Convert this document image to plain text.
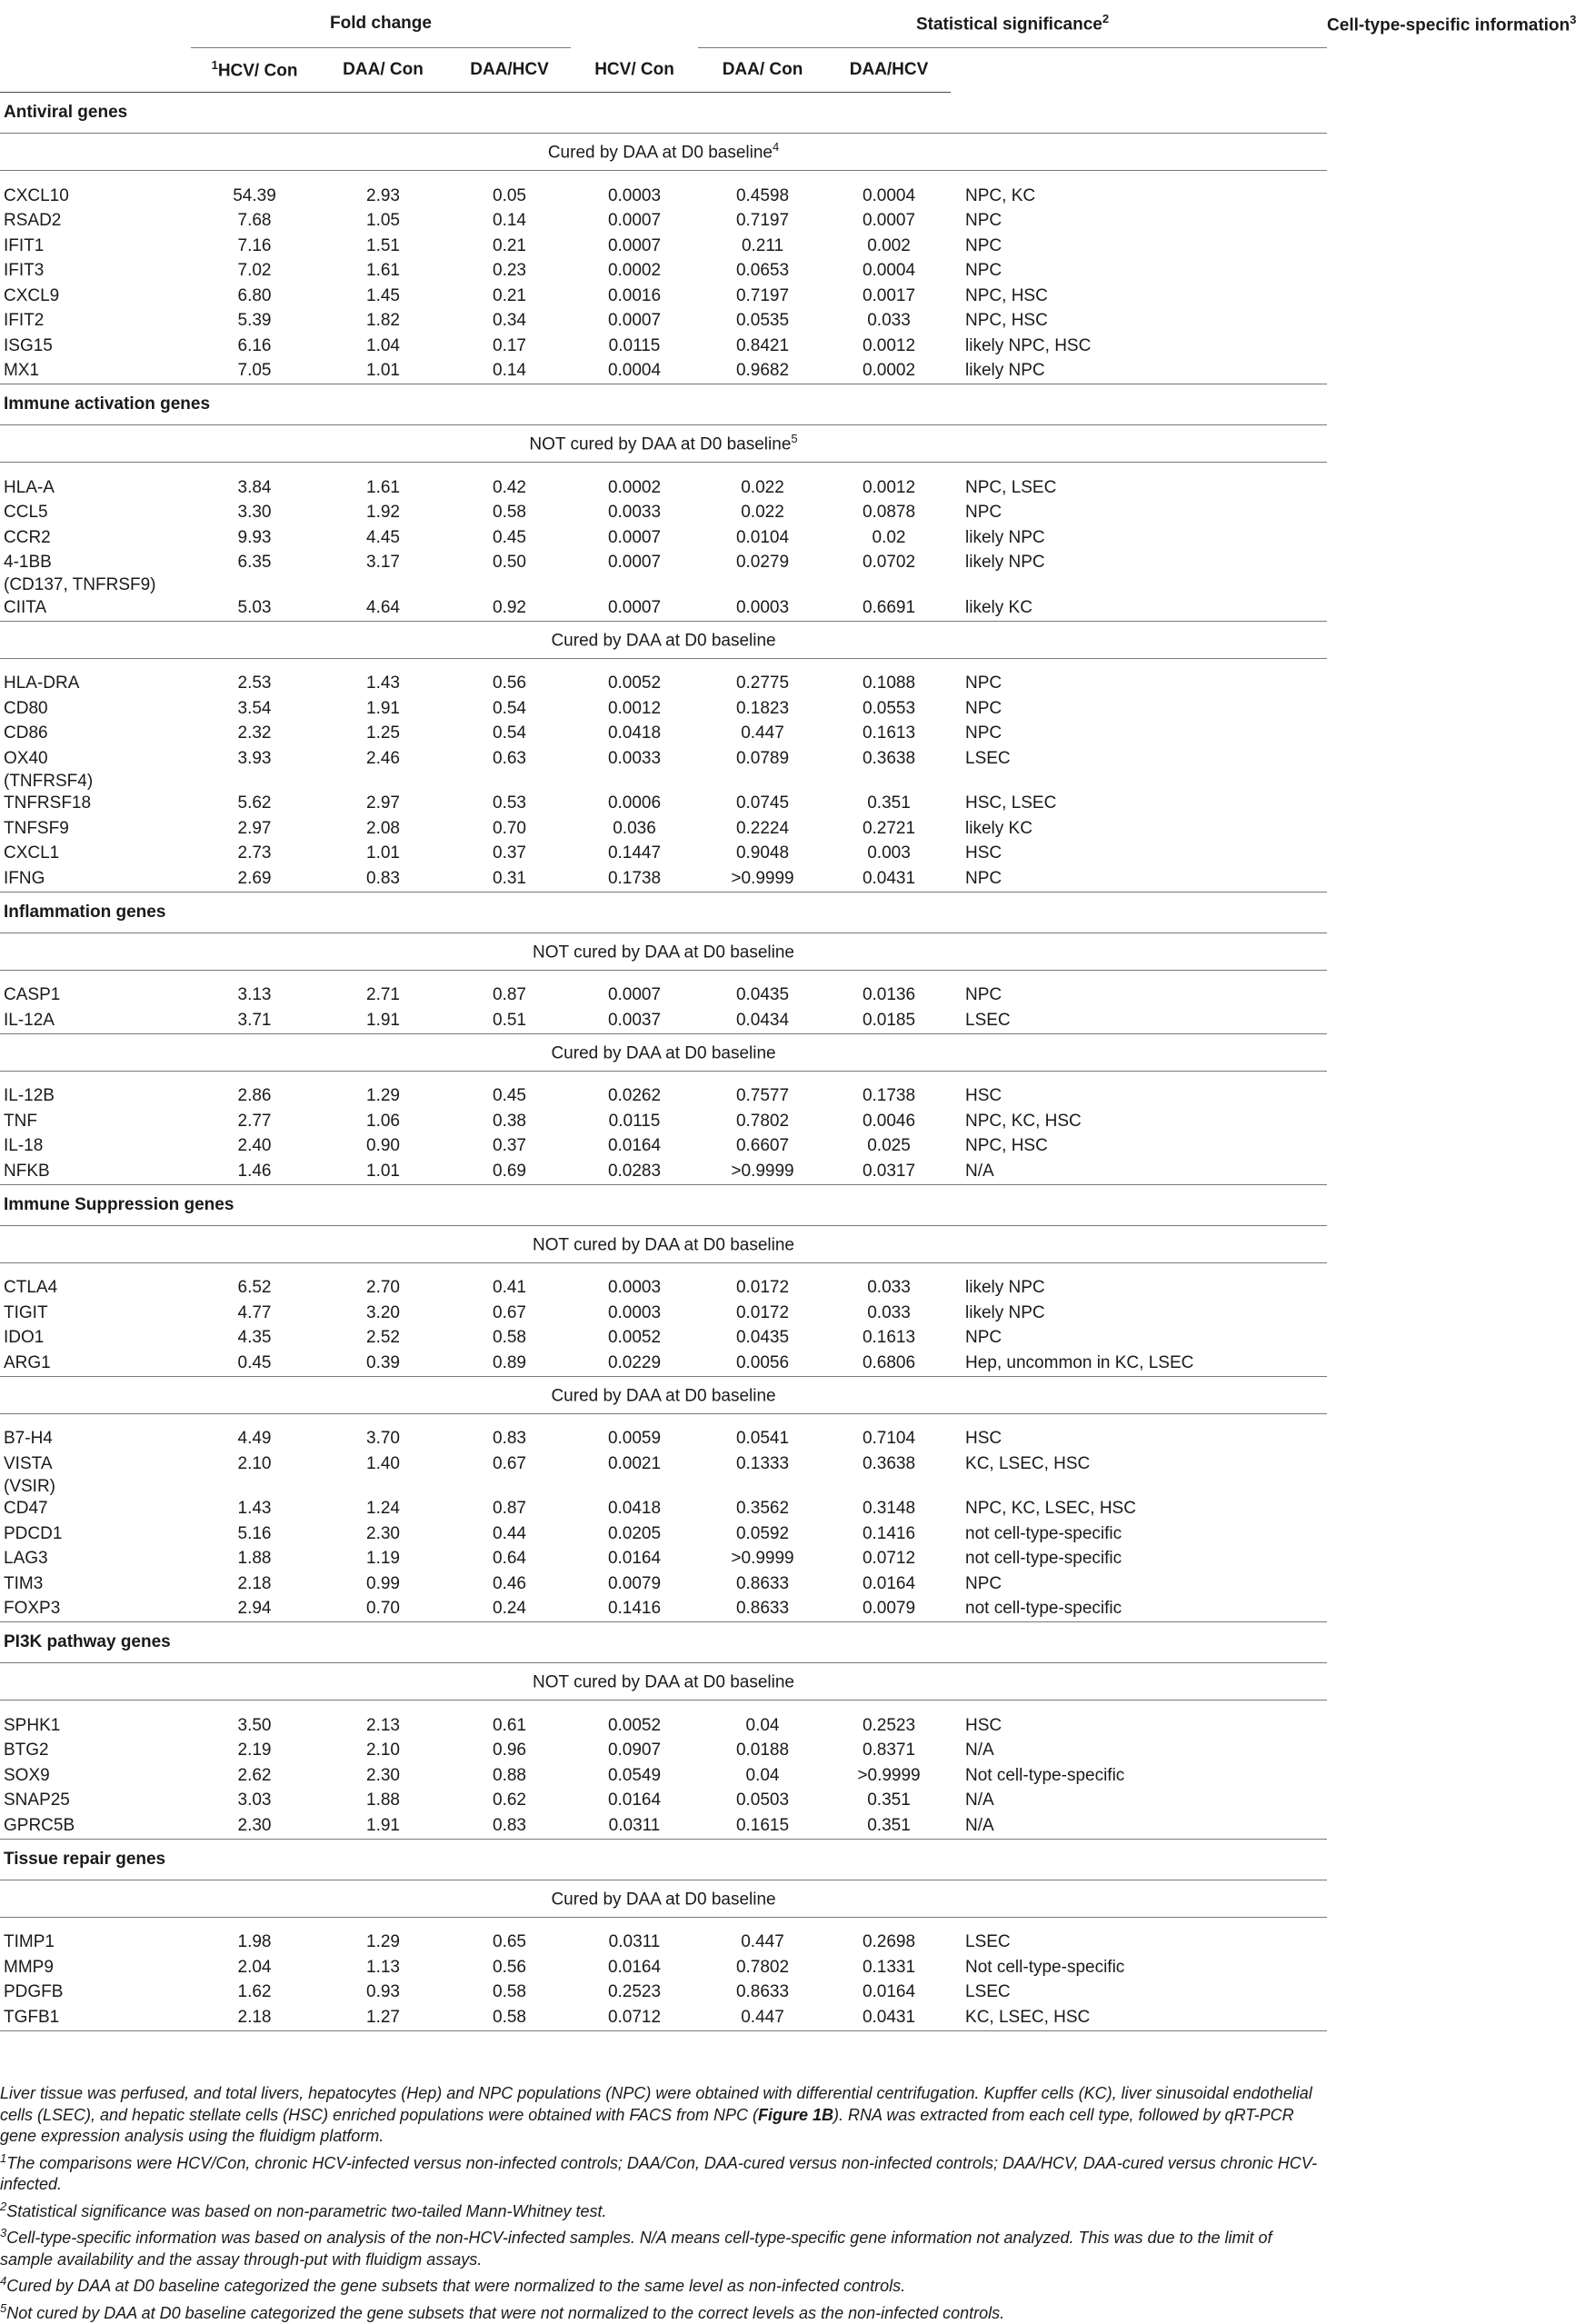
	Fold change				Statistical significance$^2$			Cell-type-specific information$^3$
	$^1$HCV/ Con	DAA/ Con	DAA/HCV	HCV/ Con	DAA/ Con	DAA/HCV		
Antiviral genes								
Cured by DAA at D0 baseline$^4$

CXCL10	54.39	2.93	0.05	0.0003	0.4598	0.0004	NPC, KC	
RSAD2	7.68	1.05	0.14	0.0007	0.7197	0.0007	NPC	
IFIT1	7.16	1.51	0.21	0.0007	0.211	0.002	NPC	
IFIT3	7.02	1.61	0.23	0.0002	0.0653	0.0004	NPC	
CXCL9	6.80	1.45	0.21	0.0016	0.7197	0.0017	NPC, HSC	
IFIT2	5.39	1.82	0.34	0.0007	0.0535	0.033	NPC, HSC	
ISG15	6.16	1.04	0.17	0.0115	0.8421	0.0012	likely NPC, HSC	
MX1	7.05	1.01	0.14	0.0004	0.9682	0.0002	likely NPC	
Immune activation genes								
NOT cured by DAA at D0 baseline$^5$

HLA-A	3.84	1.61	0.42	0.0002	0.022	0.0012	NPC, LSEC	
CCL5	3.30	1.92	0.58	0.0033	0.022	0.0878	NPC	
CCR2	9.93	4.45	0.45	0.0007	0.0104	0.02	likely NPC	
4-1BB	6.35	3.17	0.50	0.0007	0.0279	0.0702	likely NPC	
(CD137, TNFRSF9)								
CIITA	5.03	4.64	0.92	0.0007	0.0003	0.6691	likely KC	
Cured by DAA at D0 baseline								

HLA-DRA	2.53	1.43	0.56	0.0052	0.2775	0.1088	NPC	
CD80	3.54	1.91	0.54	0.0012	0.1823	0.0553	NPC	
CD86	2.32	1.25	0.54	0.0418	0.447	0.1613	NPC	
OX40	3.93	2.46	0.63	0.0033	0.0789	0.3638	LSEC	
(TNFRSF4)								
TNFRSF18	5.62	2.97	0.53	0.0006	0.0745	0.351	HSC, LSEC	
TNFSF9	2.97	2.08	0.70	0.036	0.2224	0.2721	likely KC	
CXCL1	2.73	1.01	0.37	0.1447	0.9048	0.003	HSC	
IFNG	2.69	0.83	0.31	0.1738	>0.9999	0.0431	NPC	
Inflammation genes								
NOT cured by DAA at D0 baseline								

CASP1	3.13	2.71	0.87	0.0007	0.0435	0.0136	NPC	
IL-12A	3.71	1.91	0.51	0.0037	0.0434	0.0185	LSEC	
Cured by DAA at D0 baseline								

IL-12B	2.86	1.29	0.45	0.0262	0.7577	0.1738	HSC	
TNF	2.77	1.06	0.38	0.0115	0.7802	0.0046	NPC, KC, HSC	
IL-18	2.40	0.90	0.37	0.0164	0.6607	0.025	NPC, HSC	
NFKB	1.46	1.01	0.69	0.0283	>0.9999	0.0317	N/A	
Immune Suppression genes								
NOT cured by DAA at D0 baseline								

CTLA4	6.52	2.70	0.41	0.0003	0.0172	0.033	likely NPC	
TIGIT	4.77	3.20	0.67	0.0003	0.0172	0.033	likely NPC	
IDO1	4.35	2.52	0.58	0.0052	0.0435	0.1613	NPC	
ARG1	0.45	0.39	0.89	0.0229	0.0056	0.6806	Hep, uncommon in KC, LSEC	
Cured by DAA at D0 baseline								

B7-H4	4.49	3.70	0.83	0.0059	0.0541	0.7104	HSC	
VISTA	2.10	1.40	0.67	0.0021	0.1333	0.3638	KC, LSEC, HSC	
(VSIR)								
CD47	1.43	1.24	0.87	0.0418	0.3562	0.3148	NPC, KC, LSEC, HSC	
PDCD1	5.16	2.30	0.44	0.0205	0.0592	0.1416	not cell-type-specific	
LAG3	1.88	1.19	0.64	0.0164	>0.9999	0.0712	not cell-type-specific	
TIM3	2.18	0.99	0.46	0.0079	0.8633	0.0164	NPC	
FOXP3	2.94	0.70	0.24	0.1416	0.8633	0.0079	not cell-type-specific	
PI3K pathway genes								
NOT cured by DAA at D0 baseline								

SPHK1	3.50	2.13	0.61	0.0052	0.04	0.2523	HSC	
BTG2	2.19	2.10	0.96	0.0907	0.0188	0.8371	N/A	
SOX9	2.62	2.30	0.88	0.0549	0.04	>0.9999	Not cell-type-specific	
SNAP25	3.03	1.88	0.62	0.0164	0.0503	0.351	N/A	
GPRC5B	2.30	1.91	0.83	0.0311	0.1615	0.351	N/A	
Tissue repair genes								
Cured by DAA at D0 baseline								

TIMP1	1.98	1.29	0.65	0.0311	0.447	0.2698	LSEC	
MMP9	2.04	1.13	0.56	0.0164	0.7802	0.1331	Not cell-type-specific	
PDGFB	1.62	0.93	0.58	0.2523	0.8633	0.0164	LSEC	
TGFB1	2.18	1.27	0.58	0.0712	0.447	0.0431	KC, LSEC, HSC	

Liver tissue was perfused, and total livers, hepatocytes (Hep) and NPC populations (NPC) were obtained with differential centrifugation. Kupffer cells (KC), liver sinusoidal endothelial cells (LSEC), and hepatic stellate cells (HSC) enriched populations were obtained with FACS from NPC (Figure 1B). RNA was extracted from each cell type, followed by qRT-PCR gene expression analysis using the fluidigm platform.

$^1$The comparisons were HCV/Con, chronic HCV-infected versus non-infected controls; DAA/Con, DAA-cured versus non-infected controls; DAA/HCV, DAA-cured versus chronic HCV-infected.

$^2$Statistical significance was based on non-parametric two-tailed Mann-Whitney test.

$^3$Cell-type-specific information was based on analysis of the non-HCV-infected samples. N/A means cell-type-specific gene information not analyzed. This was due to the limit of sample availability and the assay through-put with fluidigm assays.

$^4$Cured by DAA at D0 baseline categorized the gene subsets that were normalized to the same level as non-infected controls.

$^5$Not cured by DAA at D0 baseline categorized the gene subsets that were not normalized to the correct levels as the non-infected controls.
